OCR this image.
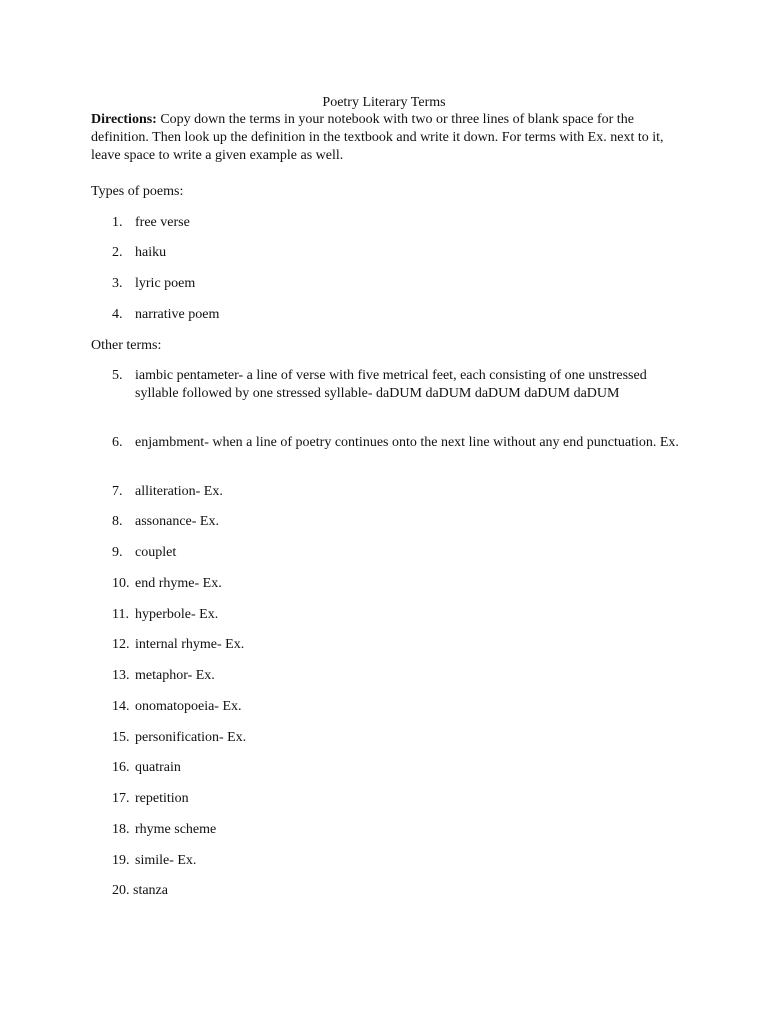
Poetry Literary Terms
Directions: Copy down the terms in your notebook with two or three lines of blank space for the definition. Then look up the definition in the textbook and write it down. For terms with Ex. next to it, leave space to write a given example as well.
Types of poems:
1. free verse
2. haiku
3. lyric poem
4. narrative poem
Other terms:
5. iambic pentameter- a line of verse with five metrical feet, each consisting of one unstressed syllable followed by one stressed syllable- daDUM daDUM daDUM daDUM daDUM
6. enjambment- when a line of poetry continues onto the next line without any end punctuation. Ex.
7. alliteration- Ex.
8. assonance- Ex.
9. couplet
10. end rhyme- Ex.
11. hyperbole- Ex.
12. internal rhyme- Ex.
13. metaphor- Ex.
14. onomatopoeia- Ex.
15. personification- Ex.
16. quatrain
17. repetition
18. rhyme scheme
19. simile- Ex.
20. stanza
